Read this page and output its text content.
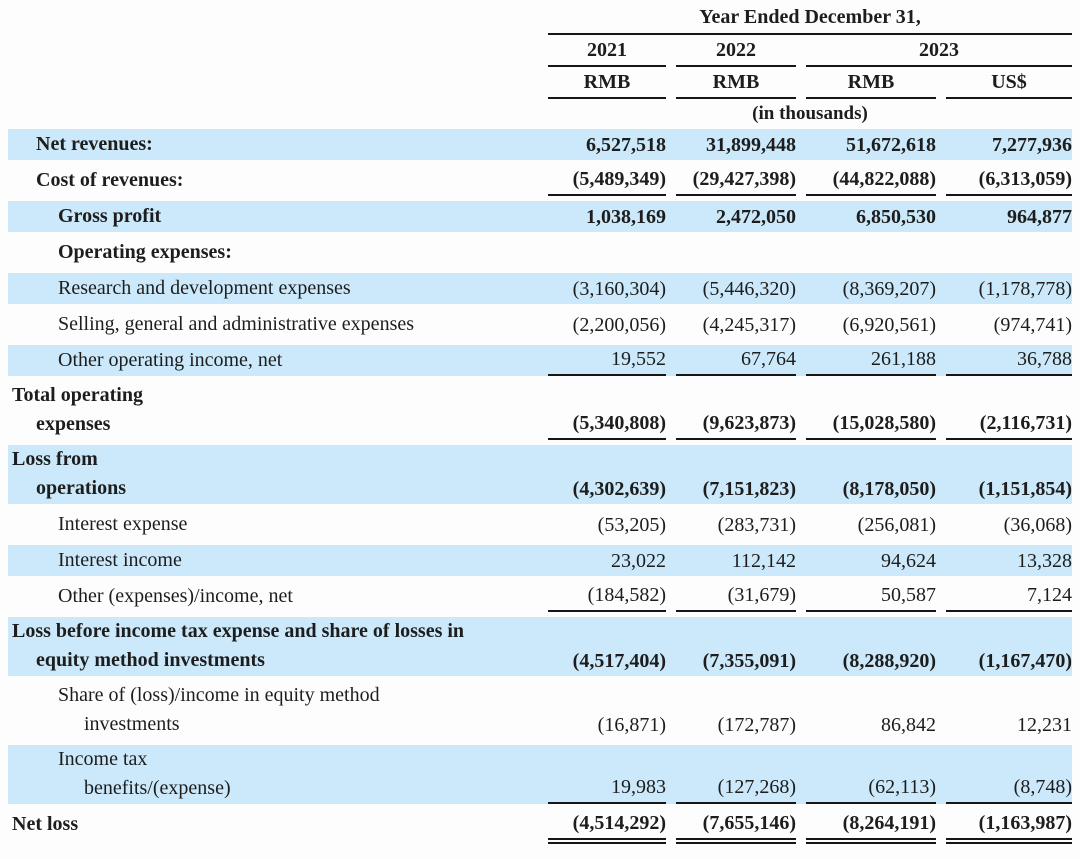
Year Ended December 31,
2021	2022	2023
RMB	RMB	RMB	US$
(in thousands)
Net revenues:	6,527,518	31,899,448	51,672,618	7,277,936
Cost of revenues:	(5,489,349)	(29,427,398)	(44,822,088)	(6,313,059)
Gross profit	1,038,169	2,472,050	6,850,530	964,877
Operating expenses:
Research and development expenses	(3,160,304)	(5,446,320)	(8,369,207)	(1,178,778)
Selling, general and administrative expenses	(2,200,056)	(4,245,317)	(6,920,561)	(974,741)
Other operating income, net	19,552	67,764	261,188	36,788
Total operating
expenses	(5,340,808)	(9,623,873)	(15,028,580)	(2,116,731)
Loss from
operations	(4,302,639)	(7,151,823)	(8,178,050)	(1,151,854)
Interest expense	(53,205)	(283,731)	(256,081)	(36,068)
Interest income	23,022	112,142	94,624	13,328
Other (expenses)/income, net	(184,582)	(31,679)	50,587	7,124
Loss before income tax expense and share of losses in
equity method investments	(4,517,404)	(7,355,091)	(8,288,920)	(1,167,470)
Share of (loss)/income in equity method
investments	(16,871)	(172,787)	86,842	12,231
Income tax
benefits/(expense)	19,983	(127,268)	(62,113)	(8,748)
Net loss	(4,514,292)	(7,655,146)	(8,264,191)	(1,163,987)
